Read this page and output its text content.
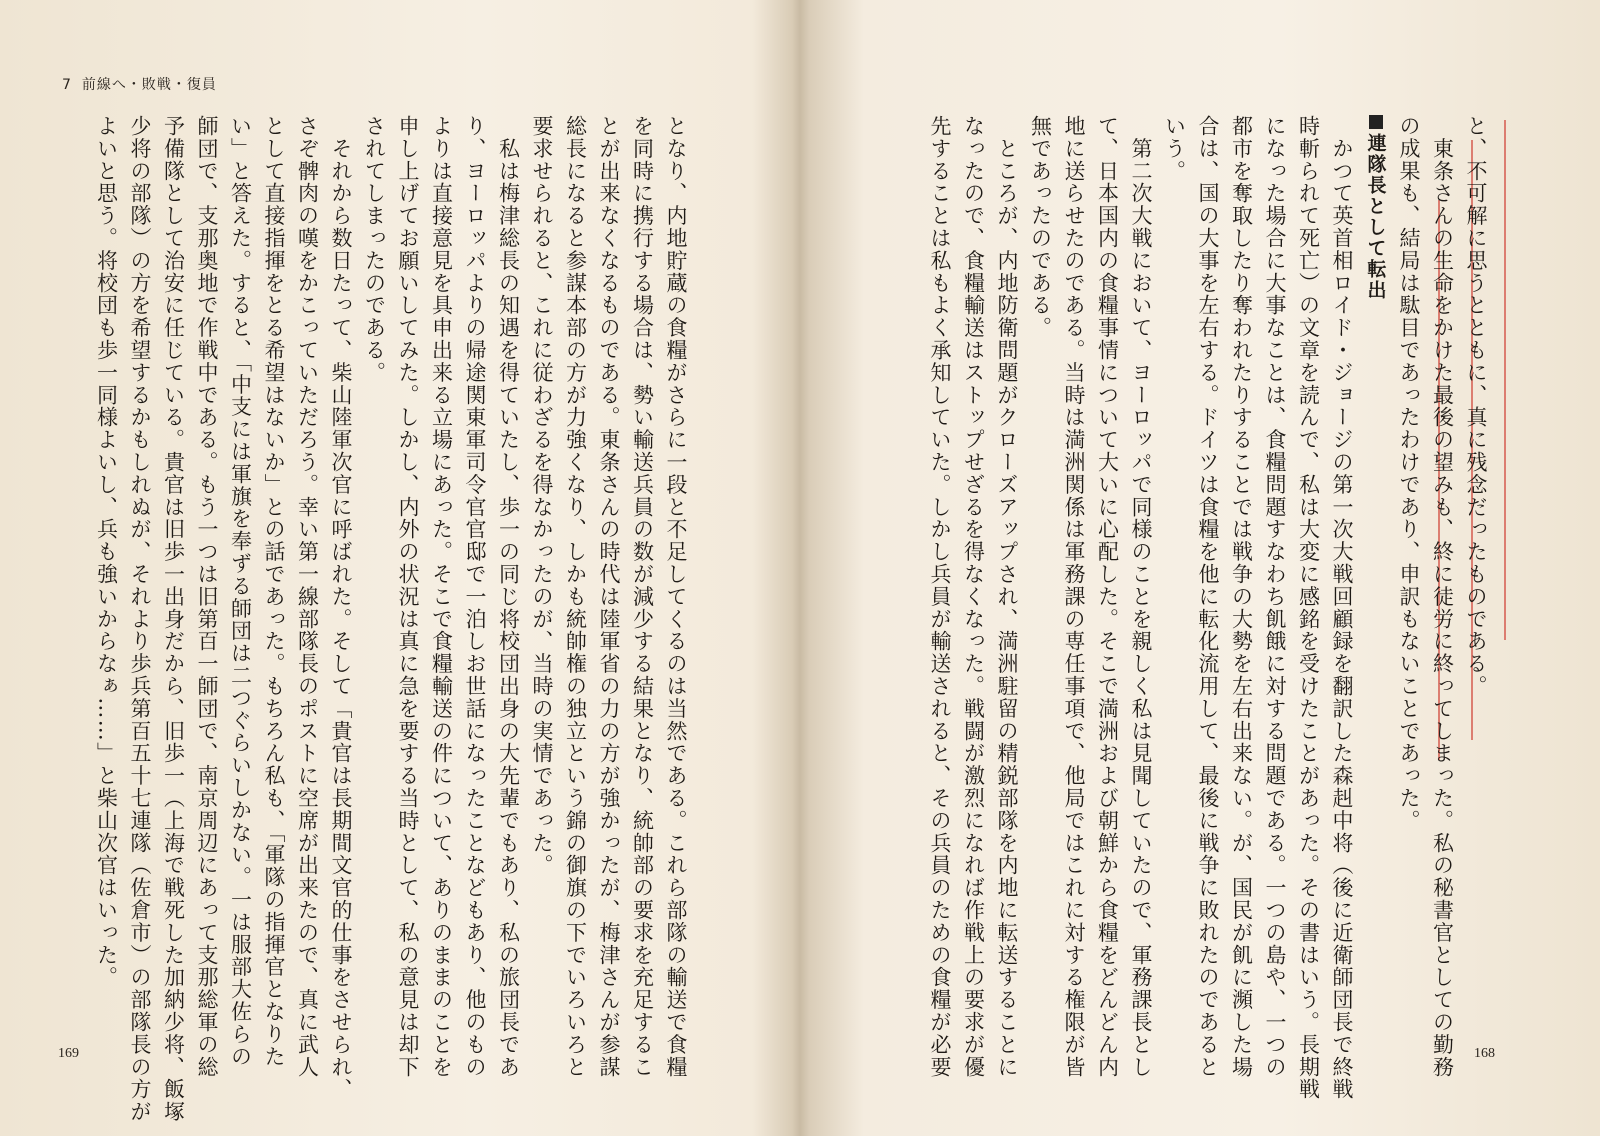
7 前線へ・敗戦・復員
となり、内地貯蔵の食糧がさらに一段と不足してくるのは当然である。これら部隊の輸送で食糧
を同時に携行する場合は、勢い輸送兵員の数が減少する結果となり、統帥部の要求を充足するこ
とが出来なくなるものである。東条さんの時代は陸軍省の力の方が強かったが、梅津さんが参謀
総長になると参謀本部の方が力強くなり、しかも統帥権の独立という錦の御旗の下でいろいろと
要求せられると、これに従わざるを得なかったのが、当時の実情であった。
　私は梅津総長の知遇を得ていたし、歩一の同じ将校団出身の大先輩でもあり、私の旅団長であ
り、ヨーロッパよりの帰途関東軍司令官官邸で一泊しお世話になったことなどもあり、他のもの
よりは直接意見を具申出来る立場にあった。そこで食糧輸送の件について、ありのままのことを
申し上げてお願いしてみた。しかし、内外の状況は真に急を要する当時として、私の意見は却下
されてしまったのである。
　それから数日たって、柴山陸軍次官に呼ばれた。そして「貴官は長期間文官的仕事をさせられ、
さぞ髀肉の嘆をかこっていただろう。幸い第一線部隊長のポストに空席が出来たので、真に武人
として直接指揮をとる希望はないか」との話であった。もちろん私も、「軍隊の指揮官となりた
い」と答えた。すると、「中支には軍旗を奉ずる師団は二つぐらいしかない。一は服部大佐らの
師団で、支那奥地で作戦中である。もう一つは旧第百一師団で、南京周辺にあって支那総軍の総
予備隊として治安に任じている。貴官は旧歩一出身だから、旧歩一（上海で戦死した加納少将、飯塚
少将の部隊）の方を希望するかもしれぬが、それより歩兵第百五十七連隊（佐倉市）の部隊長の方が
よいと思う。将校団も歩一同様よいし、兵も強いからなぁ……」と柴山次官はいった。
169
と、不可解に思うとともに、真に残念だったものである。
　東条さんの生命をかけた最後の望みも、終に徒労に終ってしまった。私の秘書官としての勤務
の成果も、結局は駄目であったわけであり、申訳もないことであった。
連隊長として転出
　かつて英首相ロイド・ジョージの第一次大戦回顧録を翻訳した森赳中将（後に近衛師団長で終戦
時斬られて死亡）の文章を読んで、私は大変に感銘を受けたことがあった。その書はいう。長期戦
になった場合に大事なことは、食糧問題すなわち飢餓に対する問題である。一つの島や、一つの
都市を奪取したり奪われたりすることでは戦争の大勢を左右出来ない。が、国民が飢に瀕した場
合は、国の大事を左右する。ドイツは食糧を他に転化流用して、最後に戦争に敗れたのであると
いう。
　第二次大戦において、ヨーロッパで同様のことを親しく私は見聞していたので、軍務課長とし
て、日本国内の食糧事情について大いに心配した。そこで満洲および朝鮮から食糧をどんどん内
地に送らせたのである。当時は満洲関係は軍務課の専任事項で、他局ではこれに対する権限が皆
無であったのである。
　ところが、内地防衛問題がクローズアップされ、満洲駐留の精鋭部隊を内地に転送することに
なったので、食糧輸送はストップせざるを得なくなった。戦闘が激烈になれば作戦上の要求が優
先することは私もよく承知していた。しかし兵員が輸送されると、その兵員のための食糧が必要	168
